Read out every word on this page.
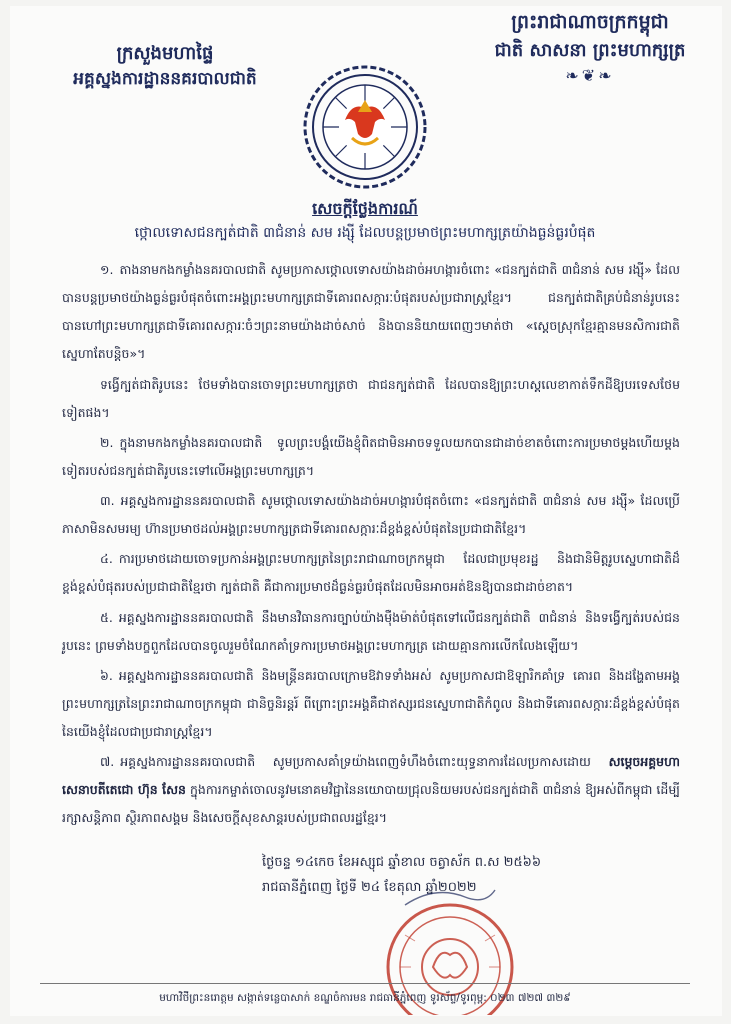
ក្រសួងមហាផ្ទៃ
អគ្គស្នងការដ្ឋាននគរបាលជាតិ
ព្រះរាជាណាចក្រកម្ពុជា
ជាតិ សាសនា ព្រះមហាក្សត្រ
❧❦❧
សេចក្តីថ្លែងការណ៍
ថ្កោលទោសជនក្បត់ជាតិ ៣ជំនាន់ សម រង្ស៊ី ដែលបន្តប្រមាថព្រះមហាក្សត្រយ៉ាងធ្ងន់ធ្ងរបំផុត

១. តាងនាមកងកម្លាំងនគរបាលជាតិ សូមប្រកាសថ្កោលទោសយ៉ាងដាច់អហង្ការចំពោះ «ជនក្បត់ជាតិ ៣ជំនាន់ សម រង្ស៊ី» ដែលបានបន្តប្រមាថយ៉ាងធ្ងន់ធ្ងរបំផុតចំពោះអង្គព្រះមហាក្សត្រជាទីគោរពសក្ការៈបំផុតរបស់ប្រជារាស្ត្រខ្មែរ។ ជនក្បត់ជាតិគ្រប់ជំនាន់រូបនេះ បានហៅព្រះមហាក្សត្រជាទីគោរពសក្ការៈចំៗព្រះនាមយ៉ាងដាច់សាច់ និងបាននិយាយពេញៗមាត់ថា «ស្តេចស្រុកខ្មែរគ្មានមនសិការជាតិស្នេហាតែបន្តិច»។

ទង្វើក្បត់ជាតិរូបនេះ ថែមទាំងបានចោទព្រះមហាក្សត្រថា ជាជនក្បត់ជាតិ ដែលបានឱ្យព្រះហស្តលេខាកាត់ទឹកដីឱ្យបរទេសថែមទៀតផង។

២. ក្នុងនាមកងកម្លាំងនគរបាលជាតិ ទូលព្រះបង្គំយើងខ្ញុំពិតជាមិនអាចទទួលយកបានជាដាច់ខាតចំពោះការប្រមាថម្តងហើយម្តងទៀតរបស់ជនក្បត់ជាតិរូបនេះទៅលើអង្គព្រះមហាក្សត្រ។

៣. អគ្គស្នងការដ្ឋាននគរបាលជាតិ សូមថ្កោលទោសយ៉ាងដាច់អហង្ការបំផុតចំពោះ «ជនក្បត់ជាតិ ៣ជំនាន់ សម រង្ស៊ី» ដែលប្រើភាសាមិនសមរម្យ ហ៊ានប្រមាថដល់អង្គព្រះមហាក្សត្រជាទីគោរពសក្ការៈដ៏ខ្ពង់ខ្ពស់បំផុតនៃប្រជាជាតិខ្មែរ។

៤. ការប្រមាថដោយចោទប្រកាន់អង្គព្រះមហាក្សត្រនៃព្រះរាជាណាចក្រកម្ពុជា ដែលជាប្រមុខរដ្ឋ និងជានិមិត្តរូបស្នេហាជាតិដ៏ខ្ពង់ខ្ពស់បំផុតរបស់ប្រជាជាតិខ្មែរថា ក្បត់ជាតិ គឺជាការប្រមាថដ៏ធ្ងន់ធ្ងរបំផុតដែលមិនអាចអត់ឱនឱ្យបានជាដាច់ខាត។

៥. អគ្គស្នងការដ្ឋាននគរបាលជាតិ នឹងមានវិធានការច្បាប់យ៉ាងម៉ឺងម៉ាត់បំផុតទៅលើជនក្បត់ជាតិ ៣ជំនាន់ និងទង្វើក្បត់របស់ជនរូបនេះ ព្រមទាំងបក្ខពួកដែលបានចូលរួមចំណែកគាំទ្រការប្រមាថអង្គព្រះមហាក្សត្រ ដោយគ្មានការលើកលែងឡើយ។

៦. អគ្គស្នងការដ្ឋាននគរបាលជាតិ និងមន្ត្រីនគរបាលក្រោមឱវាទទាំងអស់ សូមប្រកាសជាឱឡារិកគាំទ្រ គោរព និងដង្ហែតាមអង្គព្រះមហាក្សត្រនៃព្រះរាជាណាចក្រកម្ពុជា ជានិច្ចនិរន្តរ៍ ពីព្រោះព្រះអង្គគឺជាឥស្សរជនស្នេហាជាតិកំពូល និងជាទីគោរពសក្ការៈដ៏ខ្ពង់ខ្ពស់បំផុតនៃយើងខ្ញុំដែលជាប្រជារាស្ត្រខ្មែរ។

៧. អគ្គស្នងការដ្ឋាននគរបាលជាតិ សូមប្រកាសគាំទ្រយ៉ាងពេញទំហឹងចំពោះយុទ្ធនាការដែលប្រកាសដោយ សម្តេចអគ្គមហាសេនាបតីតេជោ ហ៊ុន សែន ក្នុងការកម្ចាត់ចោលនូវមនោគមវិជ្ជានៃនយោបាយជ្រុលនិយមរបស់ជនក្បត់ជាតិ ៣ជំនាន់ ឱ្យអស់ពីកម្ពុជា ដើម្បីរក្សាសន្តិភាព ស្ថិរភាពសង្គម និងសេចក្តីសុខសាន្តរបស់ប្រជាពលរដ្ឋខ្មែរ។

ថ្ងៃចន្ទ ១៤កេច ខែអស្សុជ ឆ្នាំខាល ចត្វាស័ក ព.ស ២៥៦៦
រាជធានីភ្នំពេញ ថ្ងៃទី ២៤ ខែតុលា ឆ្នាំ២០២២
មហាវិថីព្រះនរោត្តម សង្កាត់ទន្លេបាសាក់ ខណ្ឌចំការមន រាជធានីភ្នំពេញ ទូរស័ព្ទ/ទូរពុម្ព: ០២៣ ៧២៧ ៣២៩
